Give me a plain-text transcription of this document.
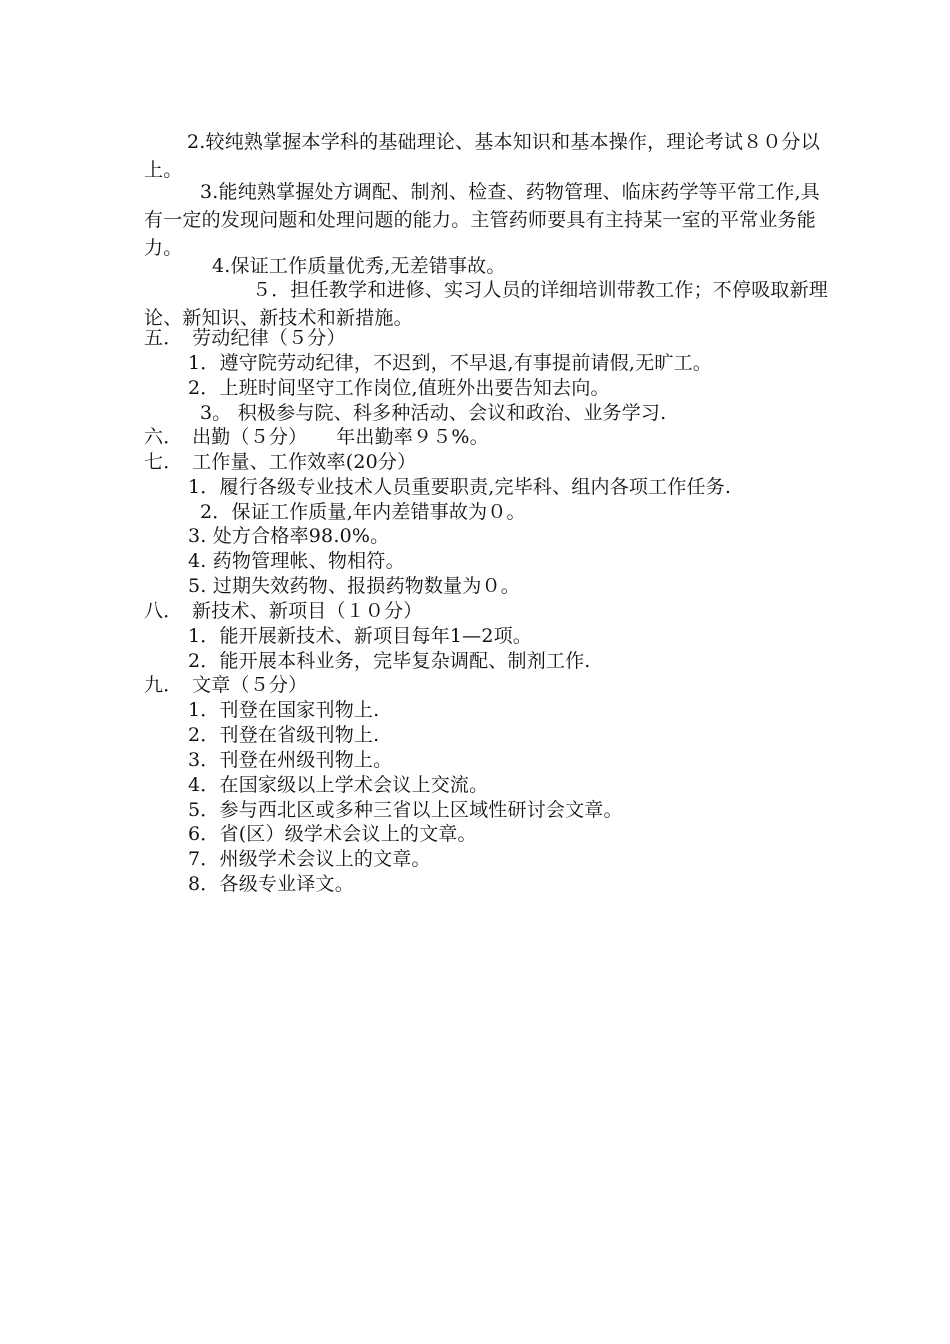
2.较纯熟掌握本学科的基础理论、基本知识和基本操作，理论考试８０分以上。
3.能纯熟掌握处方调配、制剂、检查、药物管理、临床药学等平常工作,具有一定的发现问题和处理问题的能力。主管药师要具有主持某一室的平常业务能力。
4.保证工作质量优秀,无差错事故。
５．担任教学和进修、实习人员的详细培训带教工作；不停吸取新理论、新知识、新技术和新措施。
五．　劳动纪律（５分）
1．遵守院劳动纪律，不迟到，不早退,有事提前请假,无旷工。
2．上班时间坚守工作岗位,值班外出要告知去向。
3。 积极参与院、科多种活动、会议和政治、业务学习.
六．　出勤（５分）　　年出勤率９５%。
七．　工作量、工作效率(20分）
1．履行各级专业技术人员重要职责,完毕科、组内各项工作任务.
2．保证工作质量,年内差错事故为０。
3. 处方合格率98.0%。
4. 药物管理帐、物相符。
5. 过期失效药物、报损药物数量为０。
八．　新技术、新项目（１０分）
1．能开展新技术、新项目每年1—2项。
2．能开展本科业务，完毕复杂调配、制剂工作.
九．　文章（５分）
1．刊登在国家刊物上.
2．刊登在省级刊物上.
3．刊登在州级刊物上。
4．在国家级以上学术会议上交流。
5．参与西北区或多种三省以上区域性研讨会文章。
6．省(区）级学术会议上的文章。
7．州级学术会议上的文章。
8．各级专业译文。
